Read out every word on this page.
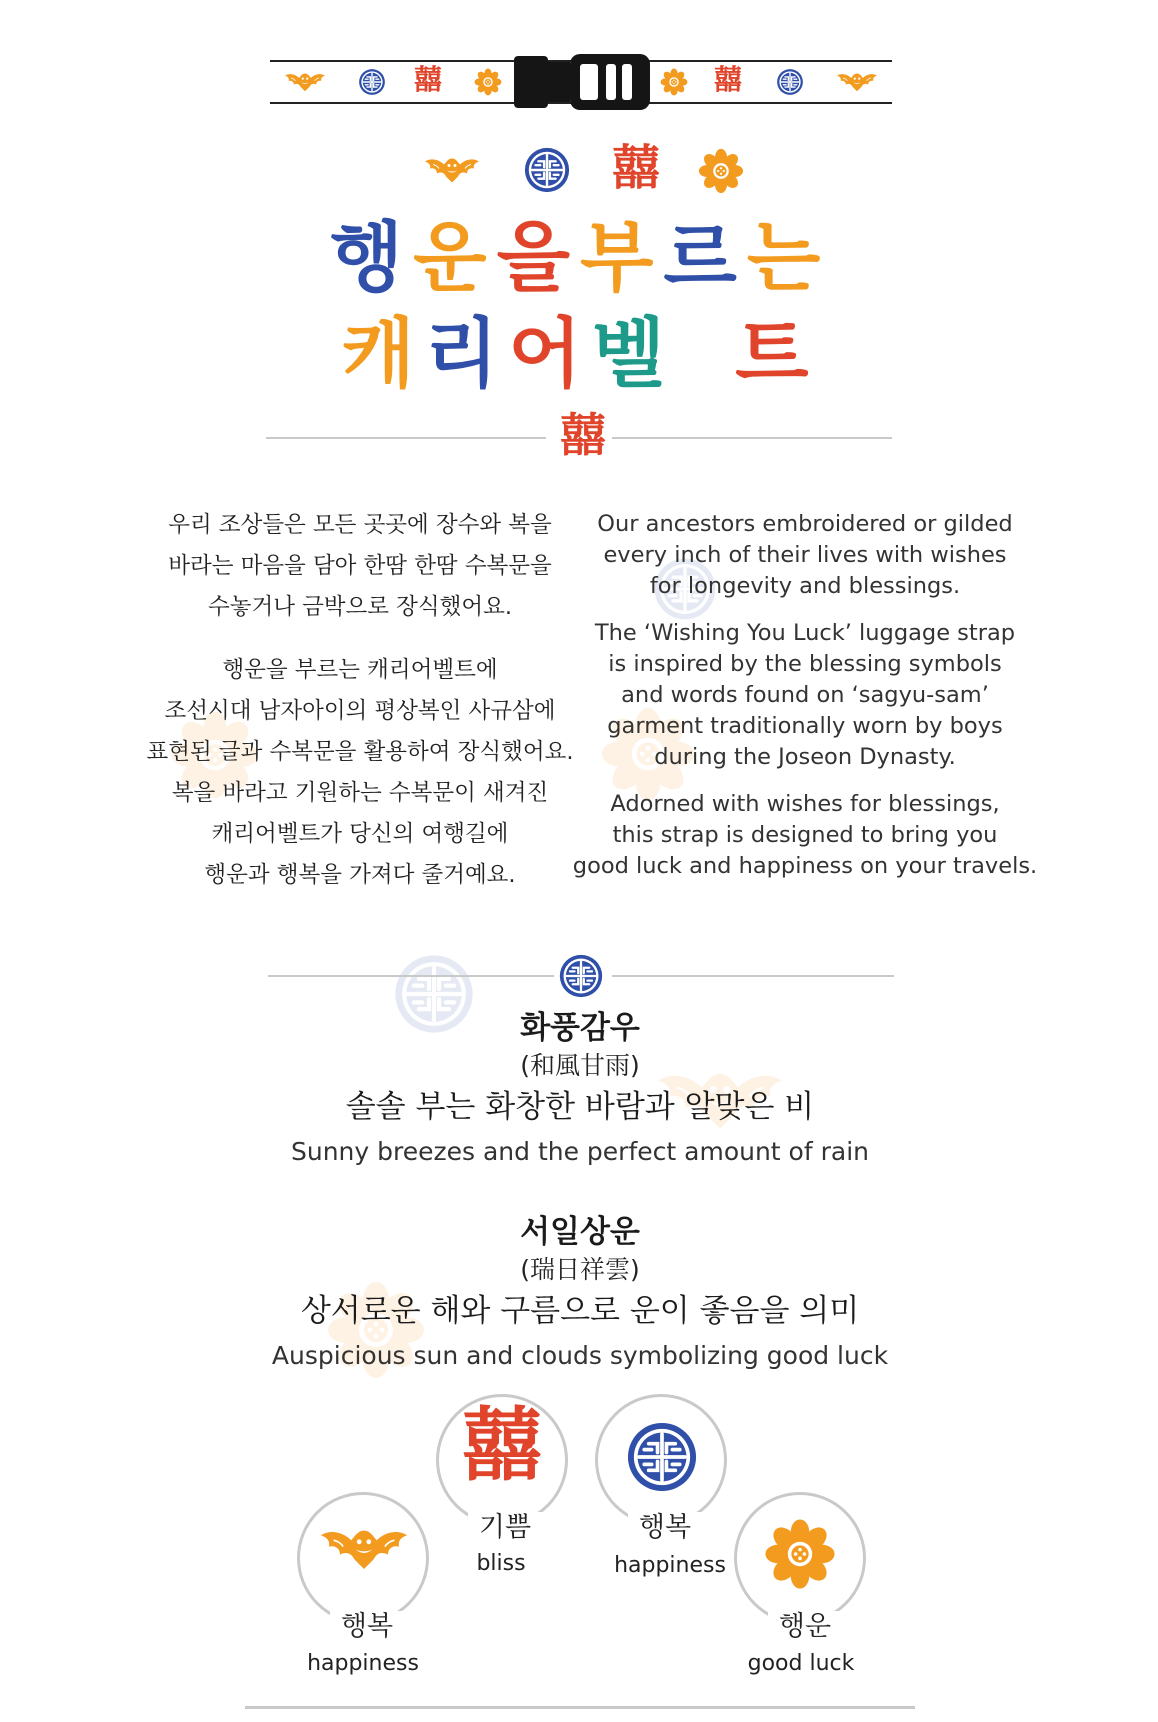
囍	囍
囍
행운을부르는
캐리어벨 트
囍

우리 조상들은 모든 곳곳에 장수와 복을
바라는 마음을 담아 한땀 한땀 수복문을
수놓거나 금박으로 장식했어요.

행운을 부르는 캐리어벨트에
조선시대 남자아이의 평상복인 사규삼에
표현된 글과 수복문을 활용하여 장식했어요.
복을 바라고 기원하는 수복문이 새겨진
캐리어벨트가 당신의 여행길에
행운과 행복을 가져다 줄거예요.

Our ancestors embroidered or gilded
every inch of their lives with wishes
for longevity and blessings.

The ‘Wishing You Luck’ luggage strap
is inspired by the blessing symbols
and words found on ‘sagyu-sam’
garment traditionally worn by boys
during the Joseon Dynasty.

Adorned with wishes for blessings,
this strap is designed to bring you
good luck and happiness on your travels.

화풍감우
(和風甘雨)
솔솔 부는 화창한 바람과 알맞은 비
Sunny breezes and the perfect amount of rain
서일상운
(瑞日祥雲)
상서로운 해와 구름으로 운이 좋음을 의미
Auspicious sun and clouds symbolizing good luck
행복
happiness
囍
기쁨
bliss
행복
happiness
행운
good luck
